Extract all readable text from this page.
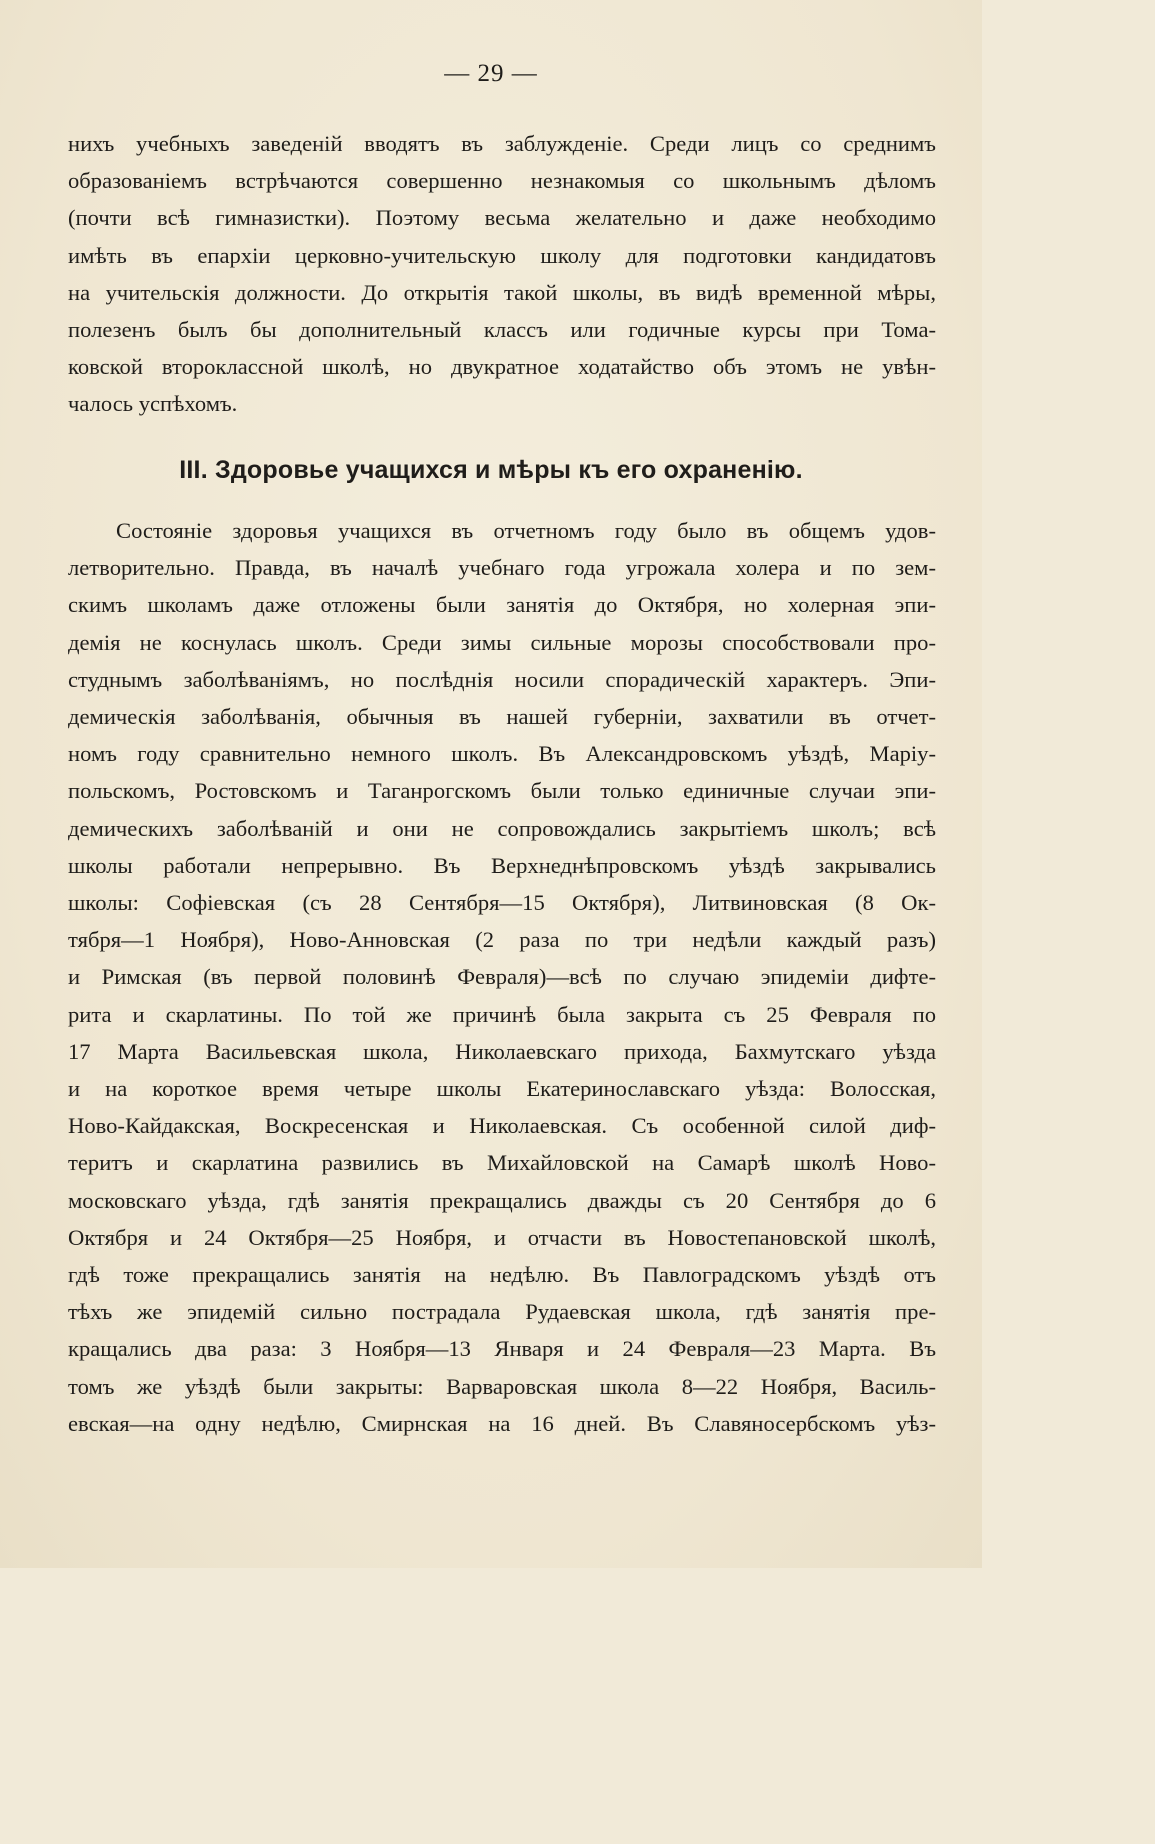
— 29 —
нихъ учебныхъ заведеній вводятъ въ заблужденіе. Среди лицъ со среднимъ
образованіемъ встрѣчаются совершенно незнакомыя со школьнымъ дѣломъ
(почти всѣ гимназистки). Поэтому весьма желательно и даже необходимо
имѣть въ епархіи церковно-учительскую школу для подготовки кандидатовъ
на учительскія должности. До открытія такой школы, въ видѣ временной мѣры,
полезенъ былъ бы дополнительный классъ или годичные курсы при Тома-
ковской второклассной школѣ, но двукратное ходатайство объ этомъ не увѣн-
чалось успѣхомъ.
III. Здоровье учащихся и мѣры къ его охраненію.
Состояніе здоровья учащихся въ отчетномъ году было въ общемъ удов-
летворительно. Правда, въ началѣ учебнаго года угрожала холера и по зем-
скимъ школамъ даже отложены были занятія до Октября, но холерная эпи-
демія не коснулась школъ. Среди зимы сильные морозы способствовали про-
студнымъ заболѣваніямъ, но послѣднія носили спорадическій характеръ. Эпи-
демическія заболѣванія, обычныя въ нашей губерніи, захватили въ отчет-
номъ году сравнительно немного школъ. Въ Александровскомъ уѣздѣ, Маріу-
польскомъ, Ростовскомъ и Таганрогскомъ были только единичные случаи эпи-
демическихъ заболѣваній и они не сопровождались закрытіемъ школъ; всѣ
школы работали непрерывно. Въ Верхнеднѣпровскомъ уѣздѣ закрывались
школы: Софіевская (съ 28 Сентября—15 Октября), Литвиновская (8 Ок-
тября—1 Ноября), Ново-Анновская (2 раза по три недѣли каждый разъ)
и Римская (въ первой половинѣ Февраля)—всѣ по случаю эпидеміи дифте-
рита и скарлатины. По той же причинѣ была закрыта съ 25 Февраля по
17 Марта Васильевская школа, Николаевскаго прихода, Бахмутскаго уѣзда
и на короткое время четыре школы Екатеринославскаго уѣзда: Волосская,
Ново-Кайдакская, Воскресенская и Николаевская. Съ особенной силой диф-
теритъ и скарлатина развились въ Михайловской на Самарѣ школѣ Ново-
московскаго уѣзда, гдѣ занятія прекращались дважды съ 20 Сентября до 6
Октября и 24 Октября—25 Ноября, и отчасти въ Новостепановской школѣ,
гдѣ тоже прекращались занятія на недѣлю. Въ Павлоградскомъ уѣздѣ отъ
тѣхъ же эпидемій сильно пострадала Рудаевская школа, гдѣ занятія пре-
кращались два раза: 3 Ноября—13 Января и 24 Февраля—23 Марта. Въ
томъ же уѣздѣ были закрыты: Варваровская школа 8—22 Ноября, Василь-
евская—на одну недѣлю, Смирнская на 16 дней. Въ Славяносербскомъ уѣз-
